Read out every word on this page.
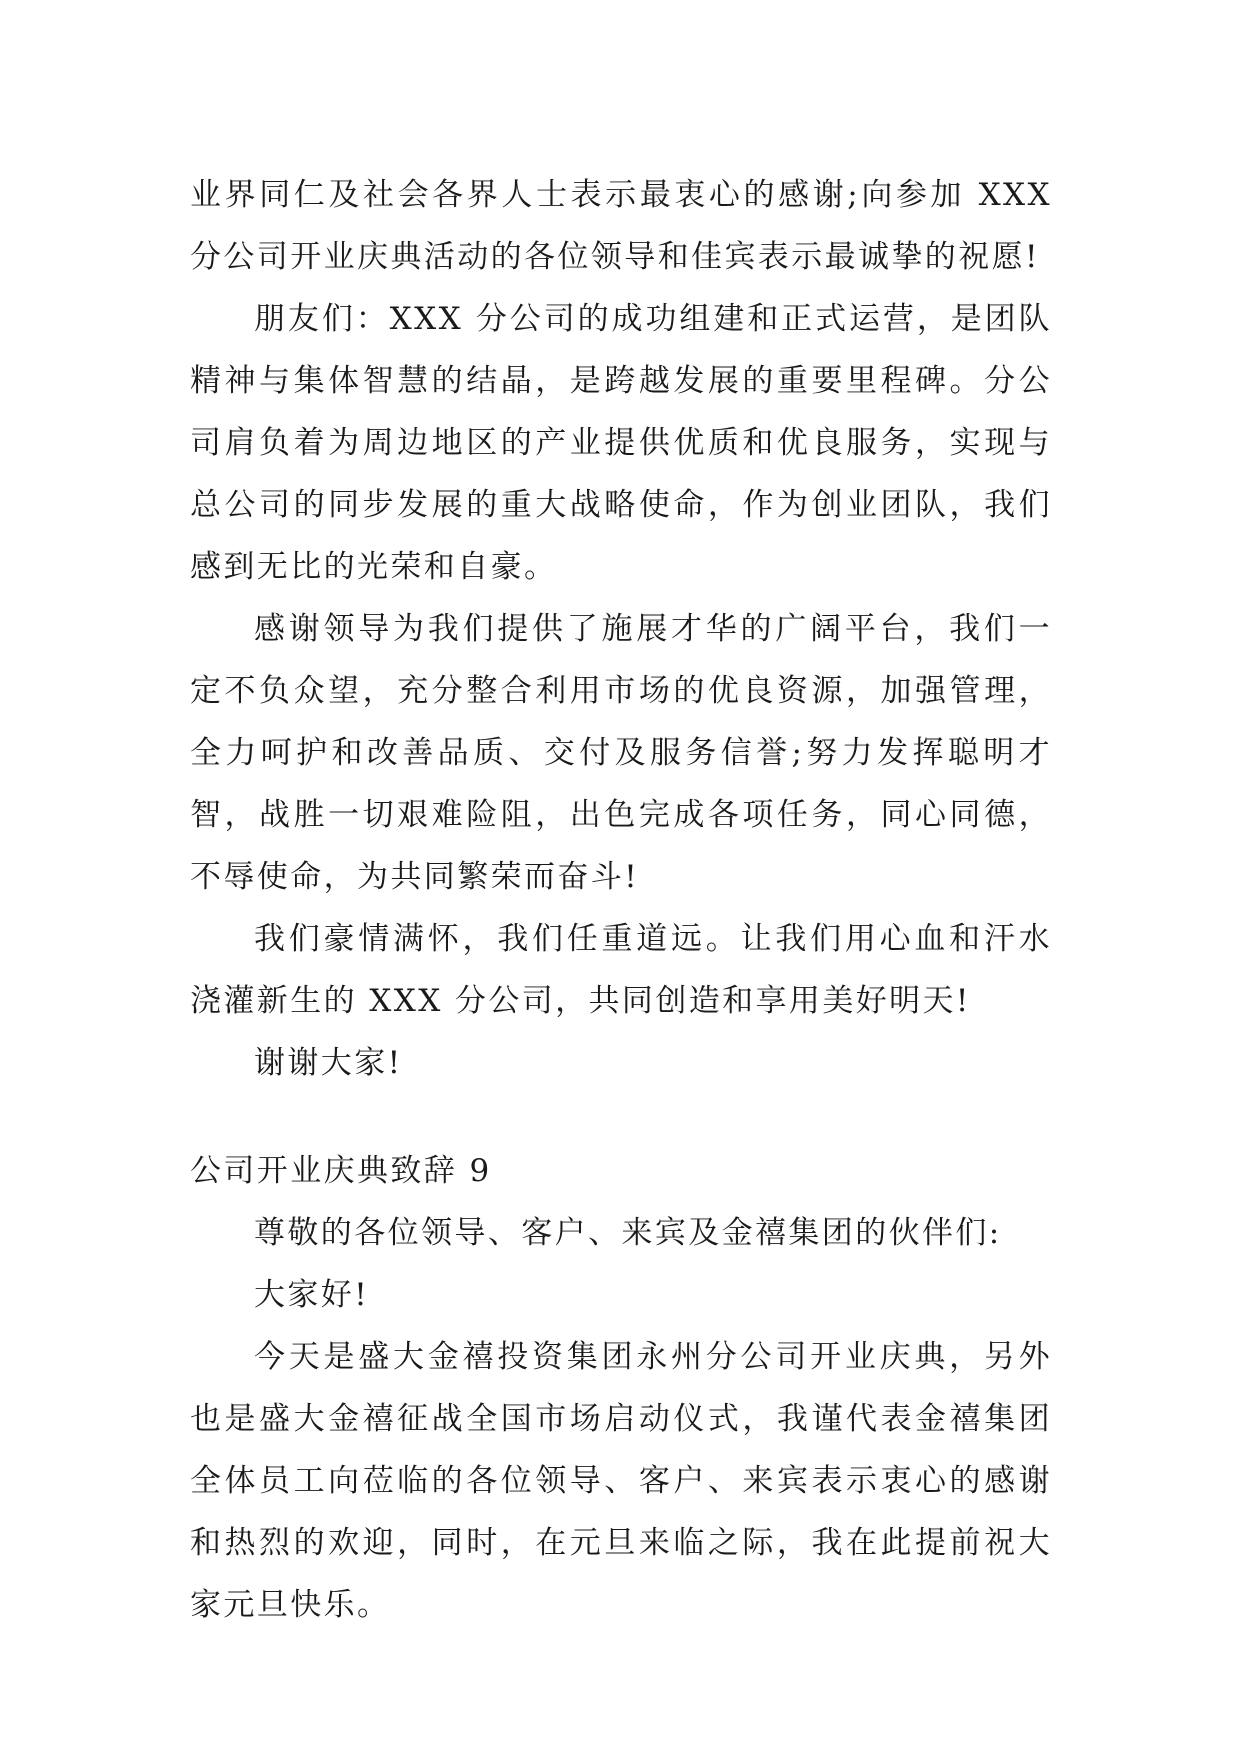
业界同仁及社会各界人士表示最衷心的感谢;向参加 XXX 分公司开业庆典活动的各位领导和佳宾表示最诚挚的祝愿!

朋友们：XXX 分公司的成功组建和正式运营，是团队精神与集体智慧的结晶，是跨越发展的重要里程碑。分公司肩负着为周边地区的产业提供优质和优良服务，实现与总公司的同步发展的重大战略使命，作为创业团队，我们感到无比的光荣和自豪。

感谢领导为我们提供了施展才华的广阔平台，我们一定不负众望，充分整合利用市场的优良资源，加强管理，全力呵护和改善品质、交付及服务信誉;努力发挥聪明才智，战胜一切艰难险阻，出色完成各项任务，同心同德，不辱使命，为共同繁荣而奋斗!

我们豪情满怀，我们任重道远。让我们用心血和汗水浇灌新生的 XXX 分公司，共同创造和享用美好明天!

谢谢大家!

公司开业庆典致辞 9

尊敬的各位领导、客户、来宾及金禧集团的伙伴们:

大家好!

今天是盛大金禧投资集团永州分公司开业庆典，另外也是盛大金禧征战全国市场启动仪式，我谨代表金禧集团全体员工向莅临的各位领导、客户、来宾表示衷心的感谢和热烈的欢迎，同时，在元旦来临之际，我在此提前祝大家元旦快乐。
